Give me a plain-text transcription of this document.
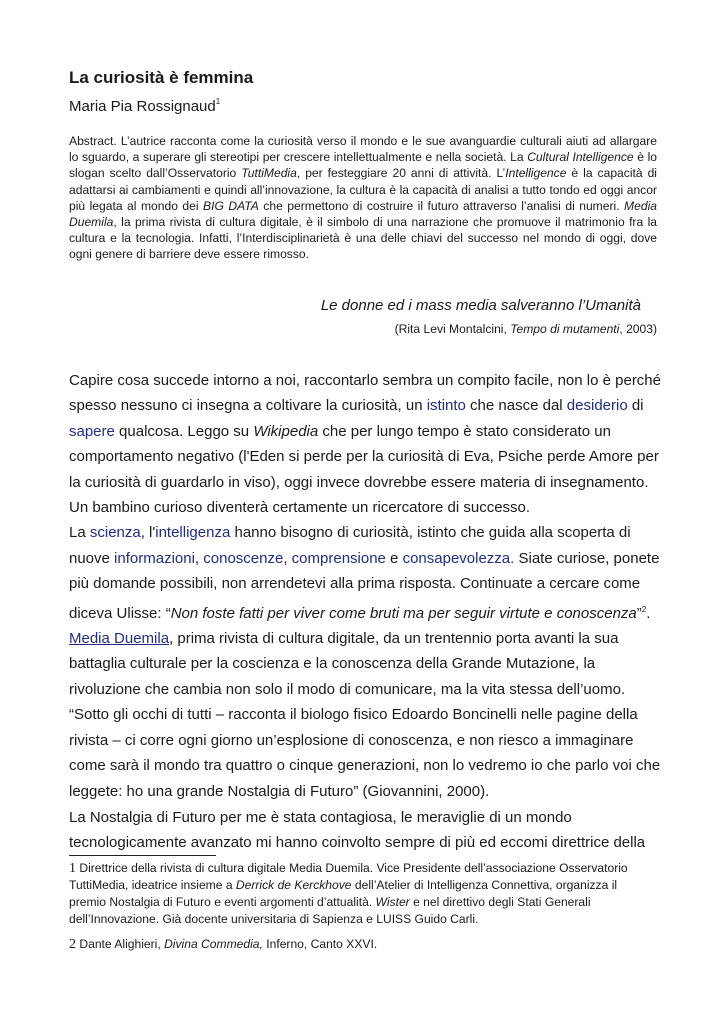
La curiosità è femmina

Maria Pia Rossignaud$^1$

Abstract. L’autrice racconta come la curiosità verso il mondo e le sue avanguardie culturali aiuti ad allargare lo sguardo, a superare gli stereotipi per crescere intellettualmente e nella società. La Cultural Intelligence è lo slogan scelto dall’Osservatorio TuttiMedia, per festeggiare 20 anni di attività. L’Intelligence è la capacità di adattarsi ai cambiamenti e quindi all’innovazione, la cultura è la capacità di analisi a tutto tondo ed oggi ancor più legata al mondo dei BIG DATA che permettono di costruire il futuro attraverso l’analisi di numeri. Media Duemila, la prima rivista di cultura digitale, è il simbolo di una narrazione che promuove il matrimonio fra la cultura e la tecnologia. Infatti, l’Interdisciplinarietà è una delle chiavi del successo nel mondo di oggi, dove ogni genere di barriere deve essere rimosso.

Le donne ed i mass media salveranno l’Umanità

(Rita Levi Montalcini, Tempo di mutamenti, 2003)

Capire cosa succede intorno a noi, raccontarlo sembra un compito facile, non lo è perché spesso nessuno ci insegna a coltivare la curiosità, un istinto che nasce dal desiderio di sapere qualcosa. Leggo su Wikipedia che per lungo tempo è stato considerato un comportamento negativo (l'Eden si perde per la curiosità di Eva, Psiche perde Amore per la curiosità di guardarlo in viso), oggi invece dovrebbe essere materia di insegnamento. Un bambino curioso diventerà certamente un ricercatore di successo.

La scienza, l'intelligenza hanno bisogno di curiosità, istinto che guida alla scoperta di nuove informazioni, conoscenze, comprensione e consapevolezza. Siate curiose, ponete più domande possibili, non arrendetevi alla prima risposta. Continuate a cercare come diceva Ulisse: “Non foste fatti per viver come bruti ma per seguir virtute e conoscenza”$^2$.

Media Duemila, prima rivista di cultura digitale, da un trentennio porta avanti la sua battaglia culturale per la coscienza e la conoscenza della Grande Mutazione, la rivoluzione che cambia non solo il modo di comunicare, ma la vita stessa dell’uomo.

“Sotto gli occhi di tutti – racconta il biologo fisico Edoardo Boncinelli nelle pagine della rivista – ci corre ogni giorno un’esplosione di conoscenza, e non riesco a immaginare come sarà il mondo tra quattro o cinque generazioni, non lo vedremo io che parlo voi che leggete: ho una grande Nostalgia di Futuro” (Giovannini, 2000).

La Nostalgia di Futuro per me è stata contagiosa, le meraviglie di un mondo tecnologicamente avanzato mi hanno coinvolto sempre di più ed eccomi direttrice della

1 Direttrice della rivista di cultura digitale Media Duemila. Vice Presidente dell’associazione Osservatorio TuttiMedia, ideatrice insieme a Derrick de Kerckhove dell’Atelier di Intelligenza Connettiva, organizza il premio Nostalgia di Futuro e eventi argomenti d’attualità. Wister e nel direttivo degli Stati Generali dell’Innovazione. Già docente universitaria di Sapienza e LUISS Guido Carli.

2 Dante Alighieri, Divina Commedia, Inferno, Canto XXVI.
